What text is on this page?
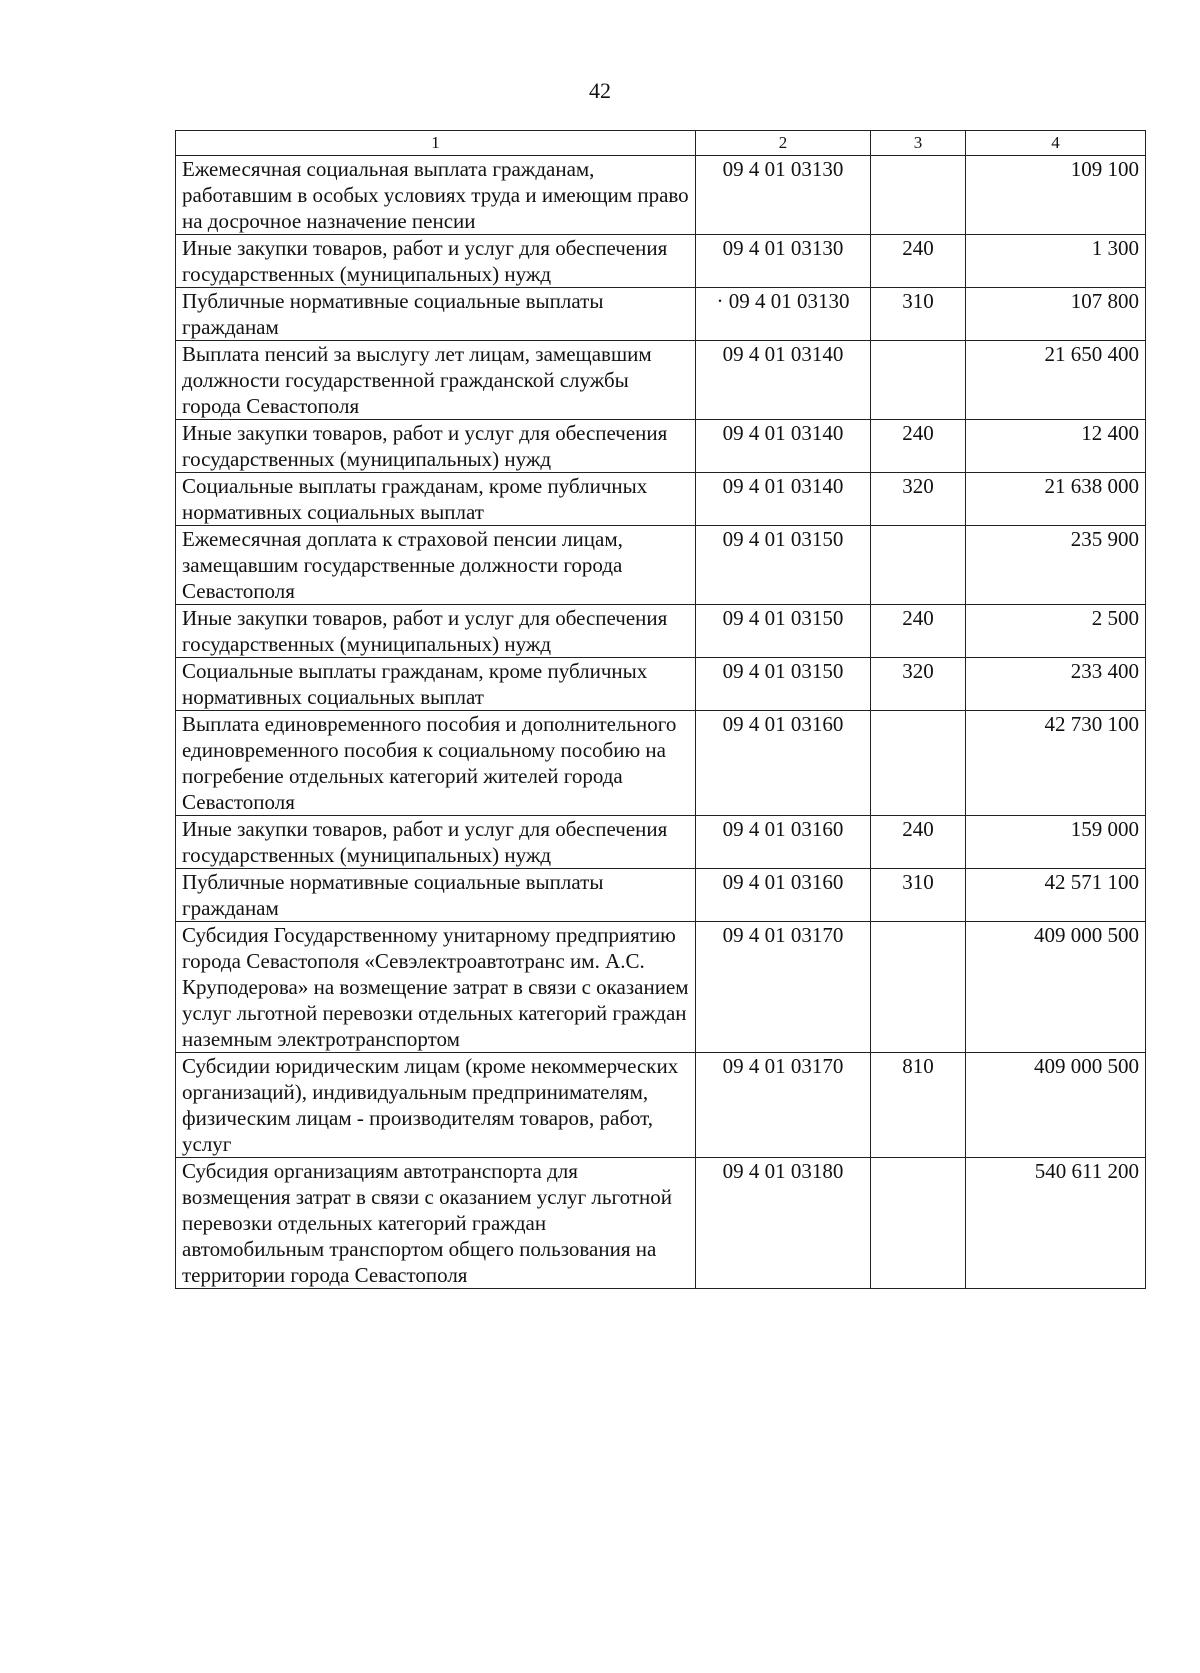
42
1	2	3	4
Ежемесячная социальная выплата гражданам, работавшим в особых условиях труда и имеющим право на досрочное назначение пенсии	09 4 01 03130		109 100
Иные закупки товаров, работ и услуг для обеспечения государственных (муниципальных) нужд	09 4 01 03130	240	1 300
Публичные нормативные социальные выплаты гражданам	· 09 4 01 03130	310	107 800
Выплата пенсий за выслугу лет лицам, замещавшим должности государственной гражданской службы города Севастополя	09 4 01 03140		21 650 400
Иные закупки товаров, работ и услуг для обеспечения государственных (муниципальных) нужд	09 4 01 03140	240	12 400
Социальные выплаты гражданам, кроме публичных нормативных социальных выплат	09 4 01 03140	320	21 638 000
Ежемесячная доплата к страховой пенсии лицам, замещавшим государственные должности города Севастополя	09 4 01 03150		235 900
Иные закупки товаров, работ и услуг для обеспечения государственных (муниципальных) нужд	09 4 01 03150	240	2 500
Социальные выплаты гражданам, кроме публичных нормативных социальных выплат	09 4 01 03150	320	233 400
Выплата единовременного пособия и дополнительного единовременного пособия к социальному пособию на погребение отдельных категорий жителей города Севастополя	09 4 01 03160		42 730 100
Иные закупки товаров, работ и услуг для обеспечения государственных (муниципальных) нужд	09 4 01 03160	240	159 000
Публичные нормативные социальные выплаты гражданам	09 4 01 03160	310	42 571 100
Субсидия Государственному унитарному предприятию города Севастополя «Севэлектроавтотранс им. А.С. Круподерова» на возмещение затрат в связи с оказанием услуг льготной перевозки отдельных категорий граждан наземным электротранспортом	09 4 01 03170		409 000 500
Субсидии юридическим лицам (кроме некоммерческих организаций), индивидуальным предпринимателям, физическим лицам - производителям товаров, работ, услуг	09 4 01 03170	810	409 000 500
Субсидия организациям автотранспорта для возмещения затрат в связи с оказанием услуг льготной перевозки отдельных категорий граждан автомобильным транспортом общего пользования на территории города Севастополя	09 4 01 03180		540 611 200
